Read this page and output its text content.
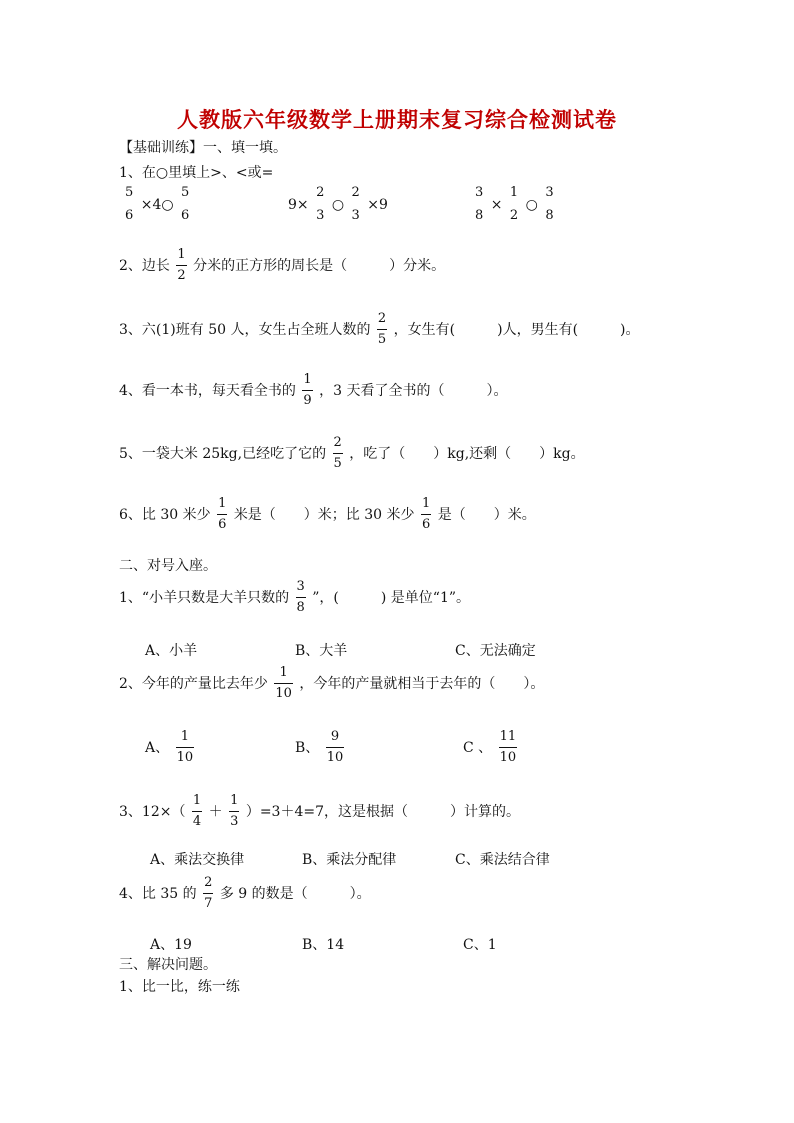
人教版六年级数学上册期末复习综合检测试卷
【基础训练】一、填一填。
1、在○里填上>、<或=
5
6
×4○
5
6
9×
2
3
○
2
3
×9
3
8
×
1
2
○
3
8
2、边长 $\frac{1}{2}$ 分米的正方形的周长是（　　　）分米。
3、六(1)班有 50 人，女生占全班人数的 $\frac{2}{5}$ ，女生有(　　　)人，男生有(　　　)。
4、看一本书，每天看全书的 $\frac{1}{9}$ ，3 天看了全书的（　　　）。
5、一袋大米 25kg,已经吃了它的 $\frac{2}{5}$ ，吃了（　　）kg,还剩（　　）kg。
6、比 30 米少 $\frac{1}{6}$ 米是（　　）米；比 30 米少 $\frac{1}{6}$ 是（　　）米。
二、对号入座。
1、“小羊只数是大羊只数的 $\frac{3}{8}$ ”，(　　　) 是单位“1”。
A、小羊	B、大羊	C、无法确定
2、今年的产量比去年少 $\frac{1}{10}$ ，今年的产量就相当于去年的（　　）。
A、 $\frac{1}{10}$	B、 $\frac{9}{10}$	C 、 $\frac{11}{10}$
3、$12\times( \frac{1}{4} + \frac{1}{3} )=3+4=7$，这是根据（　　　）计算的。
A、乘法交换律	B、乘法分配律	C、乘法结合律
4、比 35 的 $\frac{2}{7}$ 多 9 的数是（　　　）。
A、19	B、14	C、1
三、解决问题。
1、比一比，练一练
